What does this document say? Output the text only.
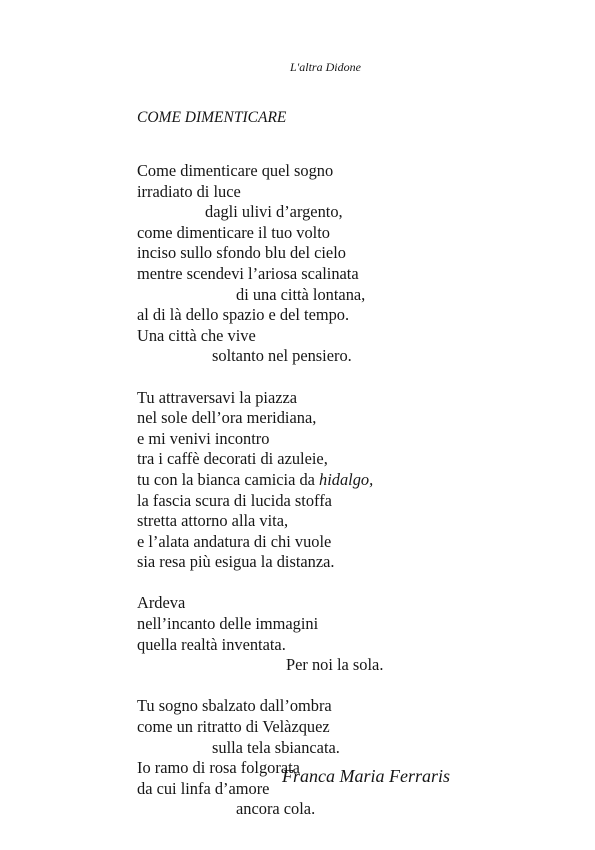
L'altra Didone
COME DIMENTICARE
Come dimenticare quel sogno
irradiato di luce
dagli ulivi d’argento,
come dimenticare il tuo volto
inciso sullo sfondo blu del cielo
mentre scendevi l’ariosa scalinata
di una città lontana,
al di là dello spazio e del tempo.
Una città che vive
soltanto nel pensiero.
Tu attraversavi la piazza
nel sole dell’ora meridiana,
e mi venivi incontro
tra i caffè decorati di azuleie,
tu con la bianca camicia da hidalgo,
la fascia scura di lucida stoffa
stretta attorno alla vita,
e l’alata andatura di chi vuole
sia resa più esigua la distanza.
Ardeva
nell’incanto delle immagini
quella realtà inventata.
Per noi la sola.
Tu sogno sbalzato dall’ombra
come un ritratto di Velàzquez
sulla tela sbiancata.
Io ramo di rosa folgorata
da cui linfa d’amore
ancora cola.
Franca Maria Ferraris
